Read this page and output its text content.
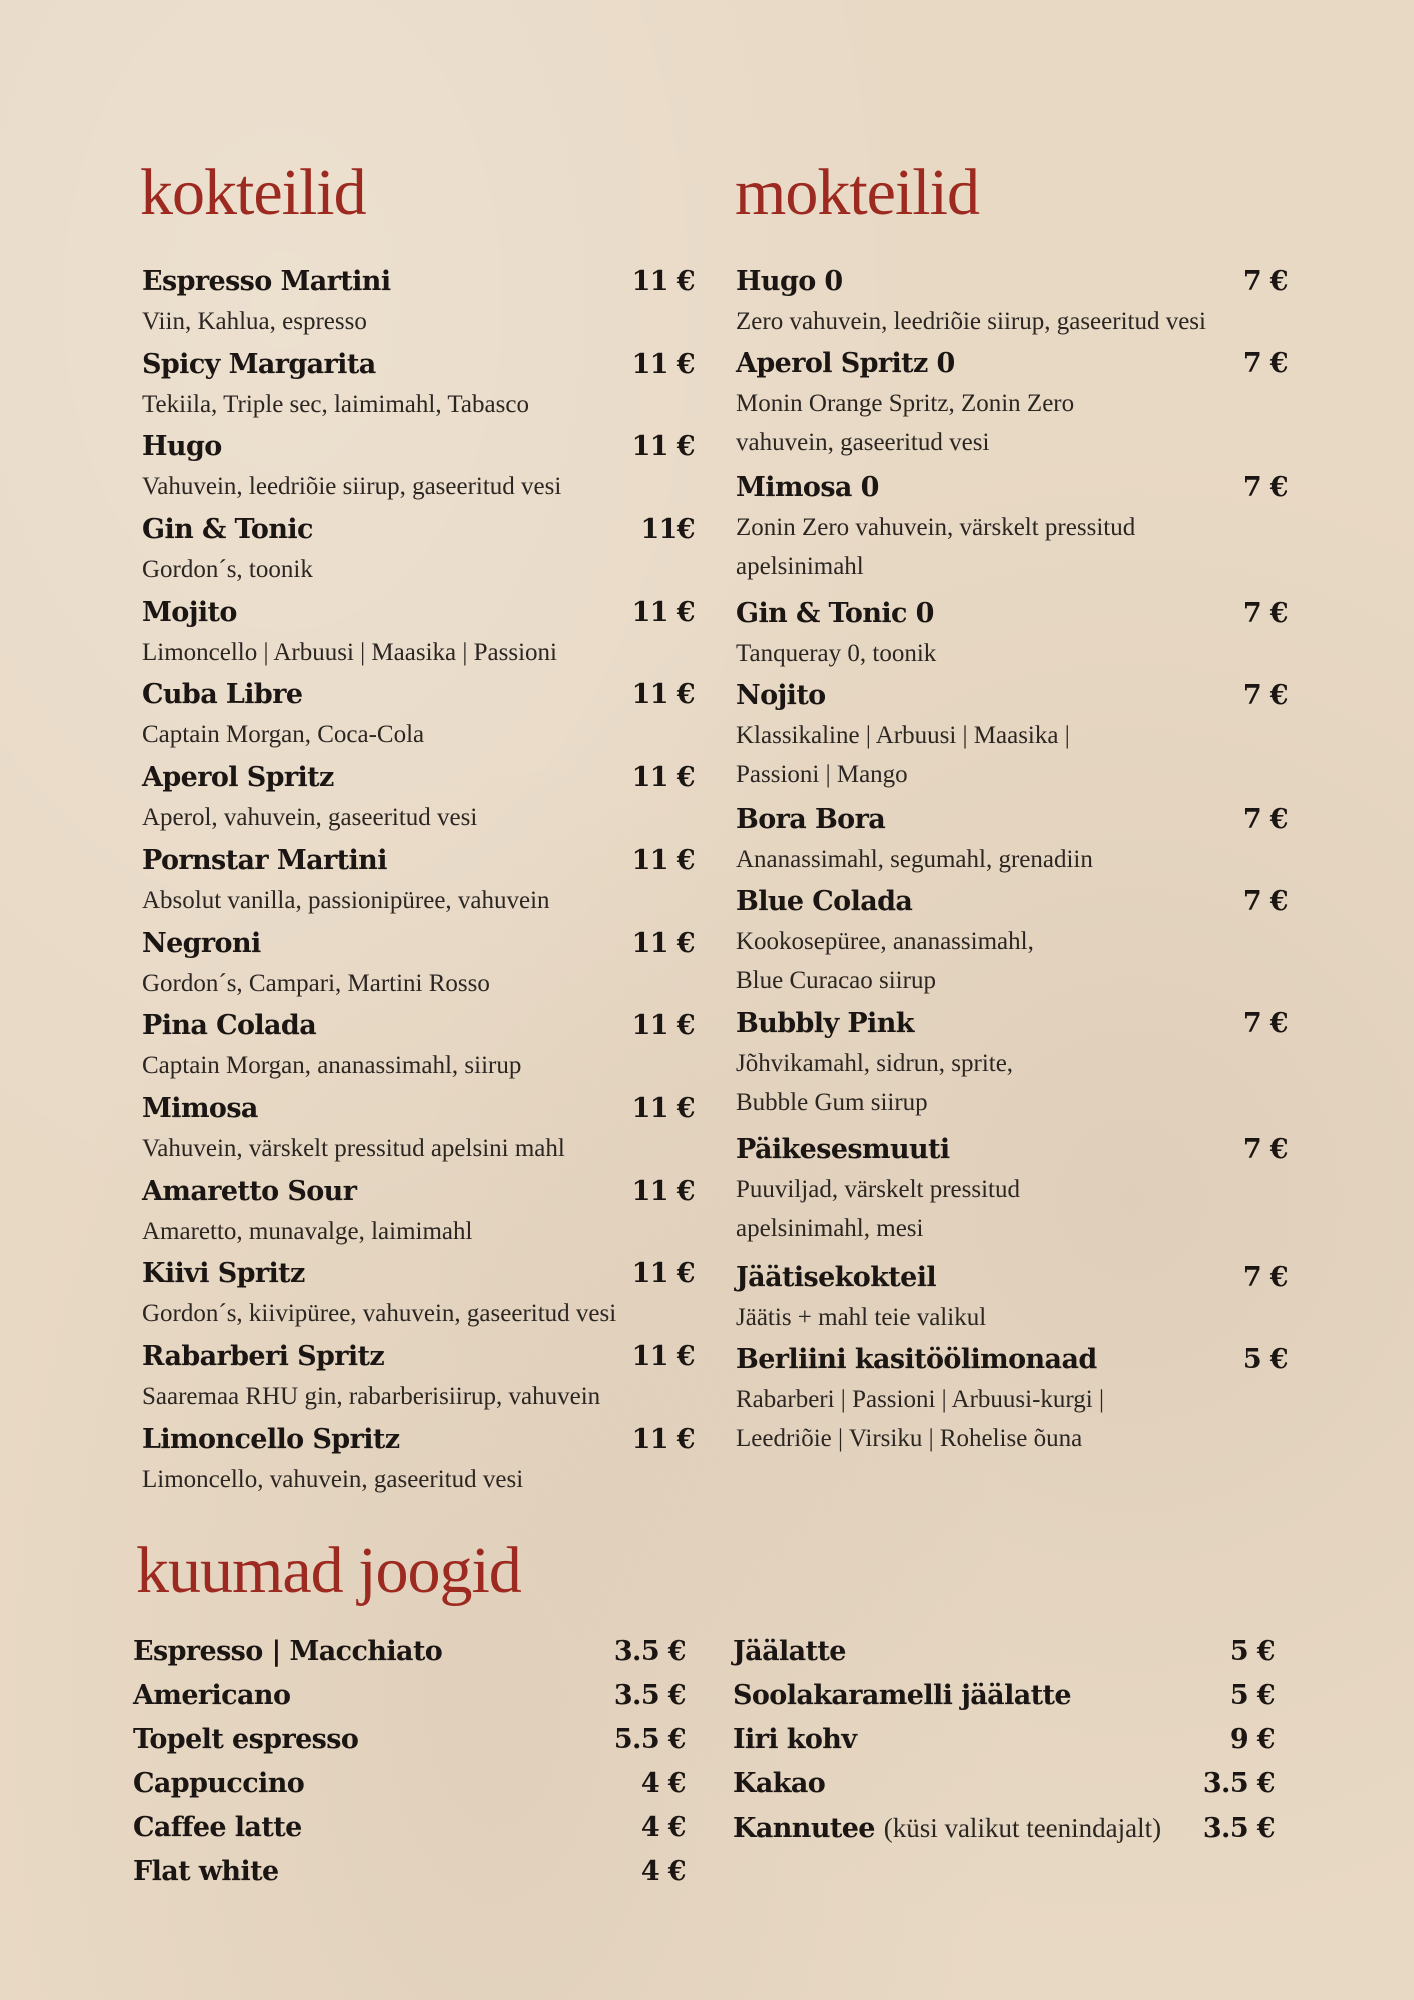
kokteilid
Espresso Martini	11 €
Viin, Kahlua, espresso
Spicy Margarita	11 €
Tekiila, Triple sec, laimimahl, Tabasco
Hugo	11 €
Vahuvein, leedriõie siirup, gaseeritud vesi
Gin & Tonic	11€
Gordon´s, toonik
Mojito	11 €
Limoncello | Arbuusi | Maasika | Passioni
Cuba Libre	11 €
Captain Morgan, Coca-Cola
Aperol Spritz	11 €
Aperol, vahuvein, gaseeritud vesi
Pornstar Martini	11 €
Absolut vanilla, passionipüree, vahuvein
Negroni	11 €
Gordon´s, Campari, Martini Rosso
Pina Colada	11 €
Captain Morgan, ananassimahl, siirup
Mimosa	11 €
Vahuvein, värskelt pressitud apelsini mahl
Amaretto Sour	11 €
Amaretto, munavalge, laimimahl
Kiivi Spritz	11 €
Gordon´s, kiivipüree, vahuvein, gaseeritud vesi
Rabarberi Spritz	11 €
Saaremaa RHU gin, rabarberisiirup, vahuvein
Limoncello Spritz	11 €
Limoncello, vahuvein, gaseeritud vesi
mokteilid
Hugo 0	7 €
Zero vahuvein, leedriõie siirup, gaseeritud vesi
Aperol Spritz 0	7 €
Monin Orange Spritz, Zonin Zero
vahuvein, gaseeritud vesi
Mimosa 0	7 €
Zonin Zero vahuvein, värskelt pressitud
apelsinimahl
Gin & Tonic 0	7 €
Tanqueray 0, toonik
Nojito	7 €
Klassikaline | Arbuusi | Maasika |
Passioni | Mango
Bora Bora	7 €
Ananassimahl, segumahl, grenadiin
Blue Colada	7 €
Kookosepüree, ananassimahl,
Blue Curacao siirup
Bubbly Pink	7 €
Jõhvikamahl, sidrun, sprite,
Bubble Gum siirup
Päikesesmuuti	7 €
Puuviljad, värskelt pressitud
apelsinimahl, mesi
Jäätisekokteil	7 €
Jäätis + mahl teie valikul
Berliini kasitöölimonaad	5 €
Rabarberi | Passioni | Arbuusi-kurgi |
Leedriõie | Virsiku | Rohelise õuna
kuumad joogid
Espresso | Macchiato	3.5 €
Americano	3.5 €
Topelt espresso	5.5 €
Cappuccino	4 €
Caffee latte	4 €
Flat white	4 €
Jäälatte	5 €
Soolakaramelli jäälatte	5 €
Iiri kohv	9 €
Kakao	3.5 €
Kannutee (küsi valikut teenindajalt) 3.5 €
